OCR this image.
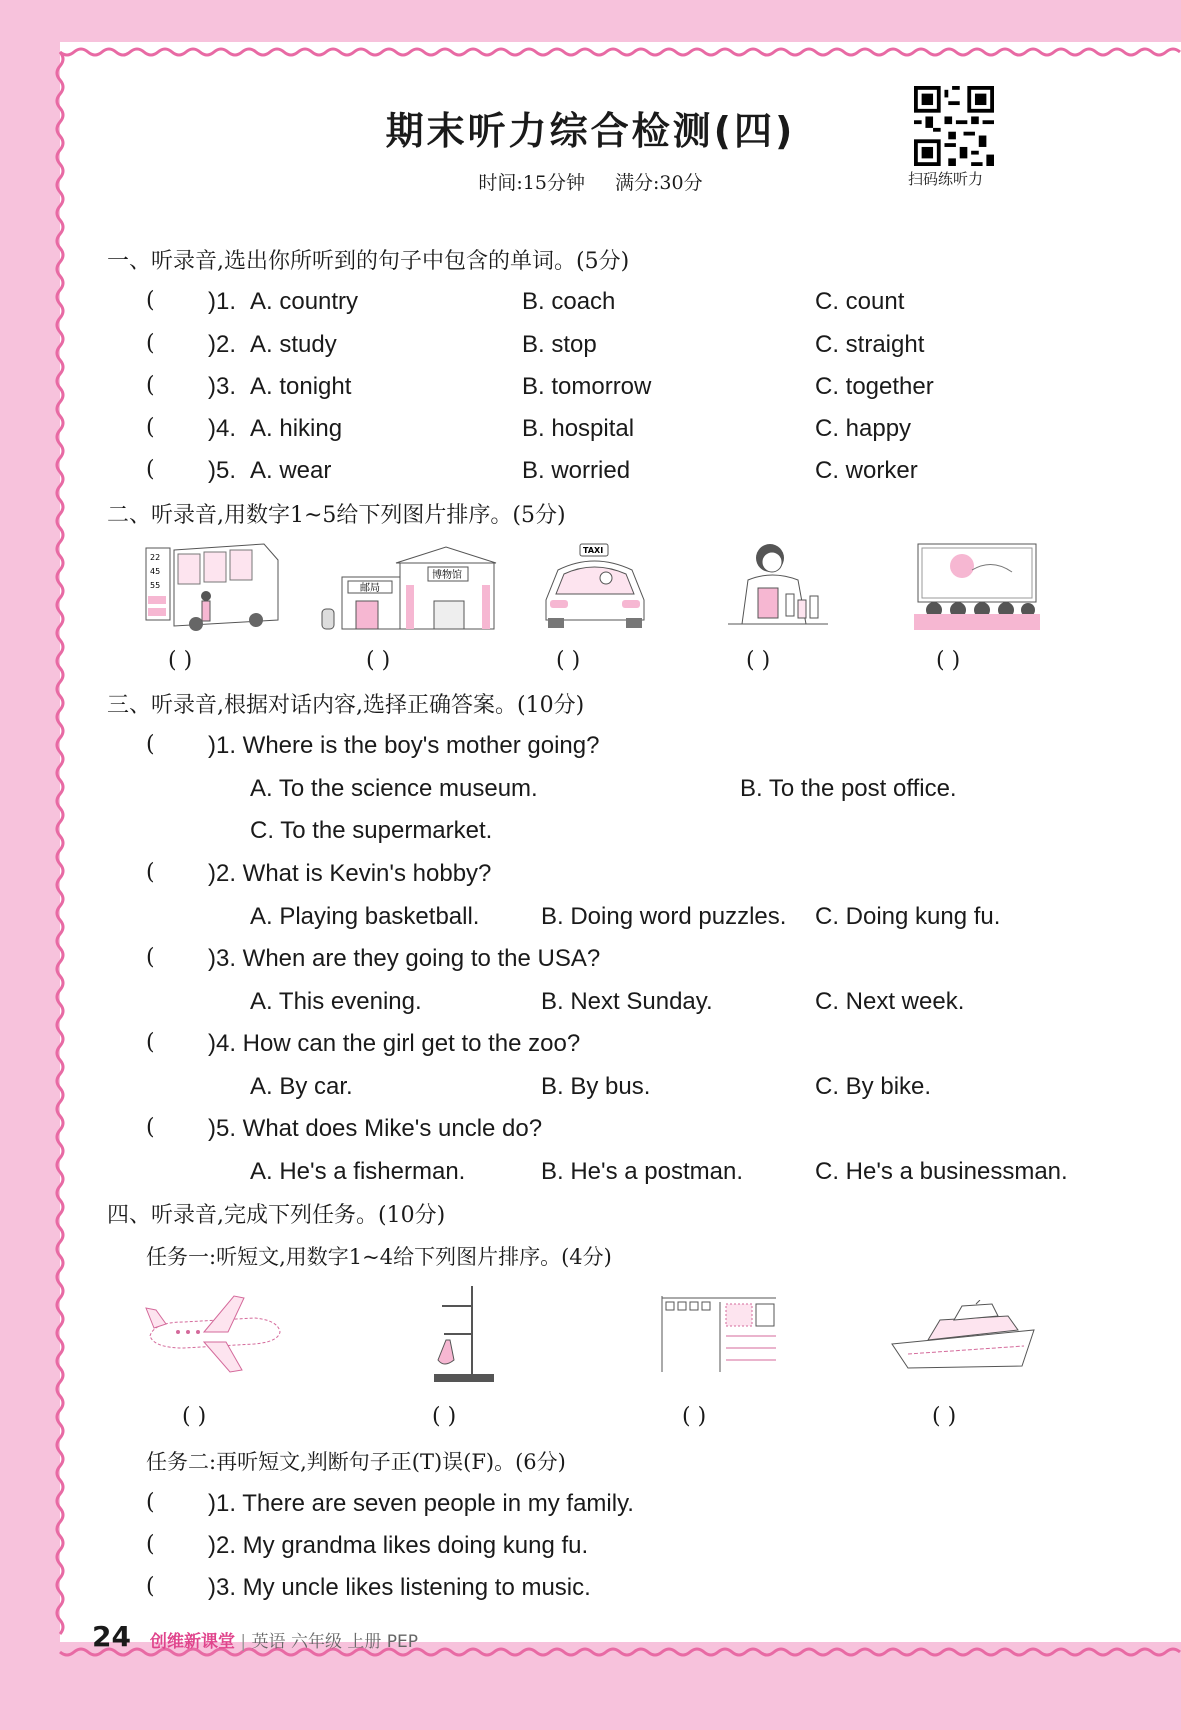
期末听力综合检测(四)
时间:15分钟 满分:30分	扫码练听力
一、听录音,选出你所听到的句子中包含的单词。(5分)
( )1. A. country	B. coach	C. count
( )2. A. study	B. stop	C. straight
( )3. A. tonight	B. tomorrow	C. together
( )4. A. hiking	B. hospital	C. happy
( )5. A. wear	B. worried	C. worker
二、听录音,用数字1~5给下列图片排序。(5分)
22
45
55	邮局
博物馆
TAXI
( )	( )	( )	( )	( )
三、听录音,根据对话内容,选择正确答案。(10分)
( )1. Where is the boy's mother going?
A. To the science museum.	B. To the post office.
C. To the supermarket.
( )2. What is Kevin's hobby?
A. Playing basketball.	B. Doing word puzzles. C. Doing kung fu.
( )3. When are they going to the USA?
A. This evening.	B. Next Sunday.	C. Next week.
( )4. How can the girl get to the zoo?
A. By car.	B. By bus.	C. By bike.
( )5. What does Mike's uncle do?
A. He's a fisherman.	B. He's a postman.	C. He's a businessman.
四、听录音,完成下列任务。(10分)
任务一:听短文,用数字1~4给下列图片排序。(4分)
( )	( )	( )	( )
任务二:再听短文,判断句子正(T)误(F)。(6分)
( )1. There are seven people in my family.
( )2. My grandma likes doing kung fu.
( )3. My uncle likes listening to music.
24 创维新课堂 | 英语 六年级 上册 PEP
